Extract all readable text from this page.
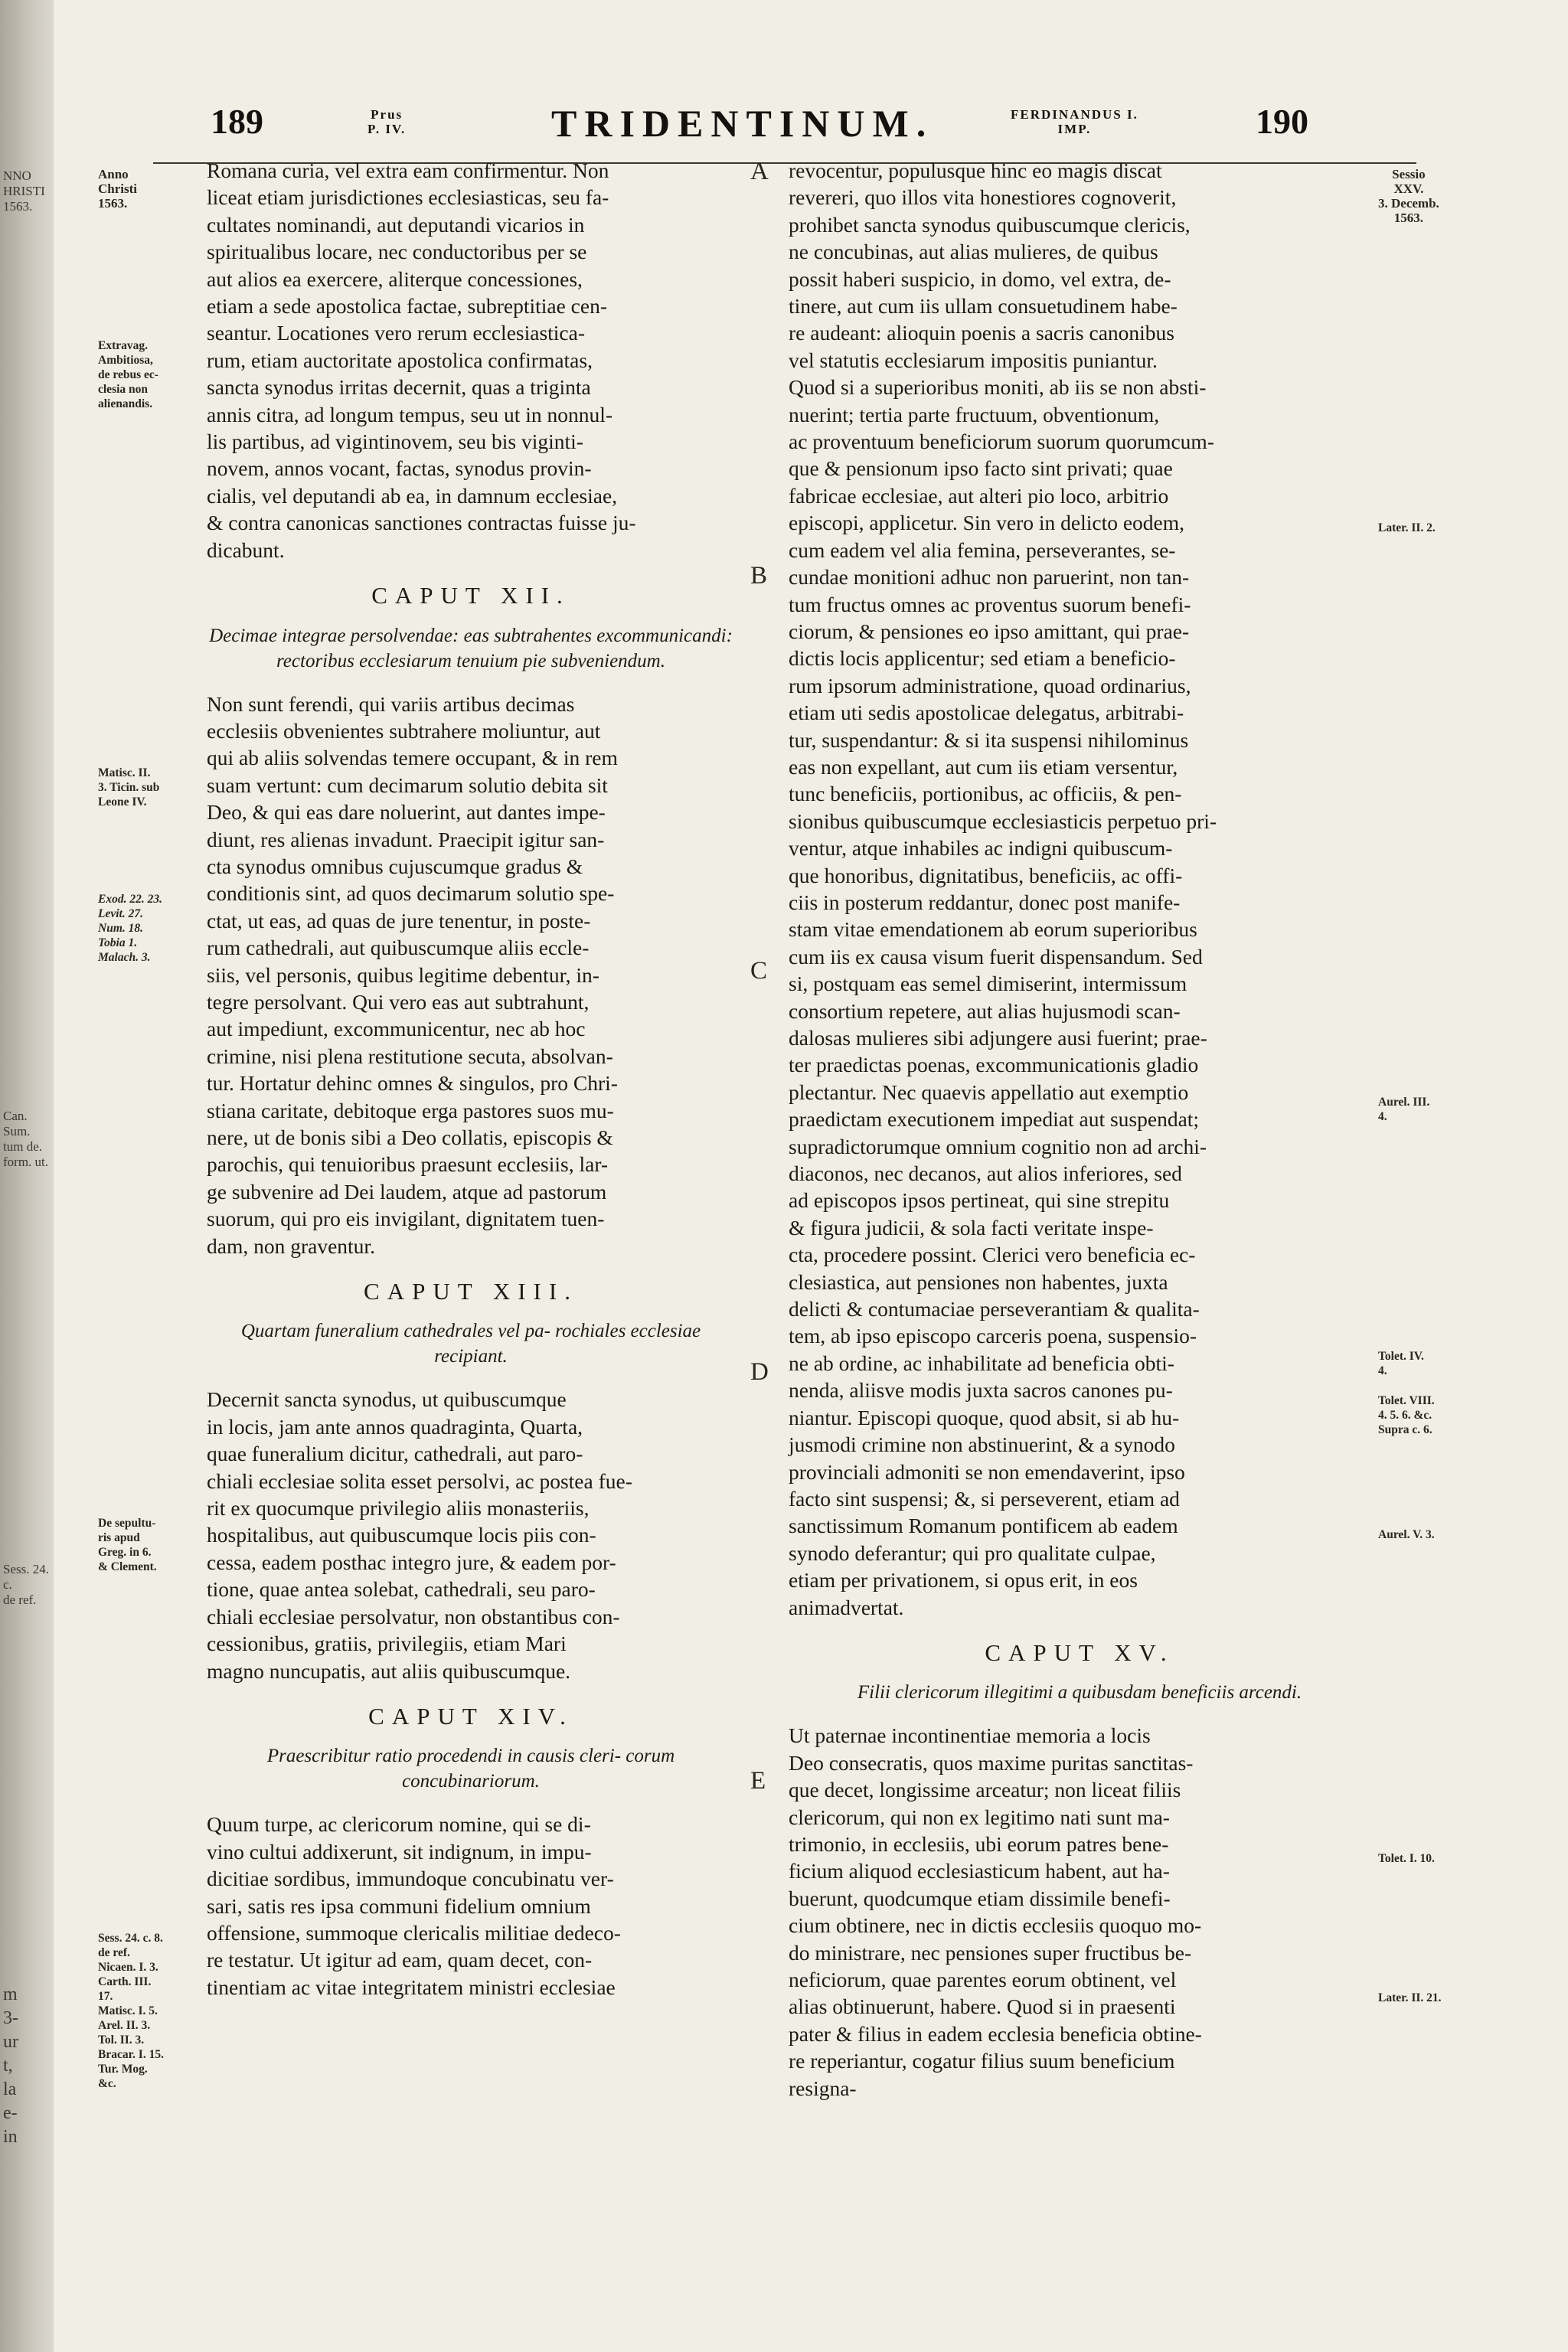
NNO
HRISTI
1563.
Can. Sum.
tum de.
form. ut.
Sess. 24. c.
de ref.
m
3-
ur
t,
la
e-
in
189	Prus
P. IV.	TRIDENTINUM.	FERDINANDUS I.
IMP.	190
Anno
Christi
1563.
Extravag.
Ambitiosa,
de rebus ec-
clesia non
alienandis.
Matisc. II.
3. Ticin. sub
Leone IV.
Exod. 22. 23.
Levit. 27.
Num. 18.
Tobia 1.
Malach. 3.
De sepultu-
ris apud
Greg. in 6.
& Clement.
Sess. 24. c. 8.
de ref.
Nicaen. I. 3.
Carth. III.
17.
Matisc. I. 5.
Arel. II. 3.
Tol. II. 3.
Bracar. I. 15.
Tur. Mog.
&c.
A
B
C
D
E

Romana curia, vel extra eam confirmentur. Non
liceat etiam jurisdictiones ecclesiasticas, seu fa-
cultates nominandi, aut deputandi vicarios in
spiritualibus locare, nec conductoribus per se
aut alios ea exercere, aliterque concessiones,
etiam a sede apostolica factae, subreptitiae cen-
seantur. Locationes vero rerum ecclesiastica-
rum, etiam auctoritate apostolica confirmatas,
sancta synodus irritas decernit, quas a triginta
annis citra, ad longum tempus, seu ut in nonnul-
lis partibus, ad vigintinovem, seu bis viginti-
novem, annos vocant, factas, synodus provin-
cialis, vel deputandi ab ea, in damnum ecclesiae,
& contra canonicas sanctiones contractas fuisse ju-
dicabunt.

CAPUT XII.
Decimae integrae persolvendae: eas subtrahentes excommunicandi: rectoribus ecclesiarum tenuium pie subveniendum.

Non sunt ferendi, qui variis artibus decimas
ecclesiis obvenientes subtrahere moliuntur, aut
qui ab aliis solvendas temere occupant, & in rem
suam vertunt: cum decimarum solutio debita sit
Deo, & qui eas dare noluerint, aut dantes impe-
diunt, res alienas invadunt. Praecipit igitur san-
cta synodus omnibus cujuscumque gradus &
conditionis sint, ad quos decimarum solutio spe-
ctat, ut eas, ad quas de jure tenentur, in poste-
rum cathedrali, aut quibuscumque aliis eccle-
siis, vel personis, quibus legitime debentur, in-
tegre persolvant. Qui vero eas aut subtrahunt,
aut impediunt, excommunicentur, nec ab hoc
crimine, nisi plena restitutione secuta, absolvan-
tur. Hortatur dehinc omnes & singulos, pro Chri-
stiana caritate, debitoque erga pastores suos mu-
nere, ut de bonis sibi a Deo collatis, episcopis &
parochis, qui tenuioribus praesunt ecclesiis, lar-
ge subvenire ad Dei laudem, atque ad pastorum
suorum, qui pro eis invigilant, dignitatem tuen-
dam, non graventur.

CAPUT XIII.
Quartam funeralium cathedrales vel pa- rochiales ecclesiae recipiant.

Decernit sancta synodus, ut quibuscumque
in locis, jam ante annos quadraginta, Quarta,
quae funeralium dicitur, cathedrali, aut paro-
chiali ecclesiae solita esset persolvi, ac postea fue-
rit ex quocumque privilegio aliis monasteriis,
hospitalibus, aut quibuscumque locis piis con-
cessa, eadem posthac integro jure, & eadem por-
tione, quae antea solebat, cathedrali, seu paro-
chiali ecclesiae persolvatur, non obstantibus con-
cessionibus, gratiis, privilegiis, etiam Mari
magno nuncupatis, aut aliis quibuscumque.

CAPUT XIV.
Praescribitur ratio procedendi in causis cleri- corum concubinariorum.

Quum turpe, ac clericorum nomine, qui se di-
vino cultui addixerunt, sit indignum, in impu-
dicitiae sordibus, immundoque concubinatu ver-
sari, satis res ipsa communi fidelium omnium
offensione, summoque clericalis militiae dedeco-
re testatur. Ut igitur ad eam, quam decet, con-
tinentiam ac vitae integritatem ministri ecclesiae

revocentur, populusque hinc eo magis discat
revereri, quo illos vita honestiores cognoverit,
prohibet sancta synodus quibuscumque clericis,
ne concubinas, aut alias mulieres, de quibus
possit haberi suspicio, in domo, vel extra, de-
tinere, aut cum iis ullam consuetudinem habe-
re audeant: alioquin poenis a sacris canonibus
vel statutis ecclesiarum impositis puniantur.
Quod si a superioribus moniti, ab iis se non absti-
nuerint; tertia parte fructuum, obventionum,
ac proventuum beneficiorum suorum quorumcum-
que & pensionum ipso facto sint privati; quae
fabricae ecclesiae, aut alteri pio loco, arbitrio
episcopi, applicetur. Sin vero in delicto eodem,
cum eadem vel alia femina, perseverantes, se-
cundae monitioni adhuc non paruerint, non tan-
tum fructus omnes ac proventus suorum benefi-
ciorum, & pensiones eo ipso amittant, qui prae-
dictis locis applicentur; sed etiam a beneficio-
rum ipsorum administratione, quoad ordinarius,
etiam uti sedis apostolicae delegatus, arbitrabi-
tur, suspendantur: & si ita suspensi nihilominus
eas non expellant, aut cum iis etiam versentur,
tunc beneficiis, portionibus, ac officiis, & pen-
sionibus quibuscumque ecclesiasticis perpetuo pri-
ventur, atque inhabiles ac indigni quibuscum-
que honoribus, dignitatibus, beneficiis, ac offi-
ciis in posterum reddantur, donec post manife-
stam vitae emendationem ab eorum superioribus
cum iis ex causa visum fuerit dispensandum. Sed
si, postquam eas semel dimiserint, intermissum
consortium repetere, aut alias hujusmodi scan-
dalosas mulieres sibi adjungere ausi fuerint; prae-
ter praedictas poenas, excommunicationis gladio
plectantur. Nec quaevis appellatio aut exemptio
praedictam executionem impediat aut suspendat;
supradictorumque omnium cognitio non ad archi-
diaconos, nec decanos, aut alios inferiores, sed
ad episcopos ipsos pertineat, qui sine strepitu
& figura judicii, & sola facti veritate inspe-
cta, procedere possint. Clerici vero beneficia ec-
clesiastica, aut pensiones non habentes, juxta
delicti & contumaciae perseverantiam & qualita-
tem, ab ipso episcopo carceris poena, suspensio-
ne ab ordine, ac inhabilitate ad beneficia obti-
nenda, aliisve modis juxta sacros canones pu-
niantur. Episcopi quoque, quod absit, si ab hu-
jusmodi crimine non abstinuerint, & a synodo
provinciali admoniti se non emendaverint, ipso
facto sint suspensi; &, si perseverent, etiam ad
sanctissimum Romanum pontificem ab eadem
synodo deferantur; qui pro qualitate culpae,
etiam per privationem, si opus erit, in eos
animadvertat.

CAPUT XV.
Filii clericorum illegitimi a quibusdam beneficiis arcendi.

Ut paternae incontinentiae memoria a locis
Deo consecratis, quos maxime puritas sanctitas-
que decet, longissime arceatur; non liceat filiis
clericorum, qui non ex legitimo nati sunt ma-
trimonio, in ecclesiis, ubi eorum patres bene-
ficium aliquod ecclesiasticum habent, aut ha-
buerunt, quodcumque etiam dissimile benefi-
cium obtinere, nec in dictis ecclesiis quoquo mo-
do ministrare, nec pensiones super fructibus be-
neficiorum, quae parentes eorum obtinent, vel
alias obtinuerunt, habere. Quod si in praesenti
pater & filius in eadem ecclesia beneficia obtine-
re reperiantur, cogatur filius suum beneficium
resigna-

Sessio
XXV.
3. Decemb.
1563.
Later. II. 2.
Aurel. III.
4.
Tolet. IV.
4.
Tolet. VIII.
4. 5. 6. &c.
Supra c. 6.
Aurel. V. 3.
Tolet. I. 10.
Later. II. 21.
